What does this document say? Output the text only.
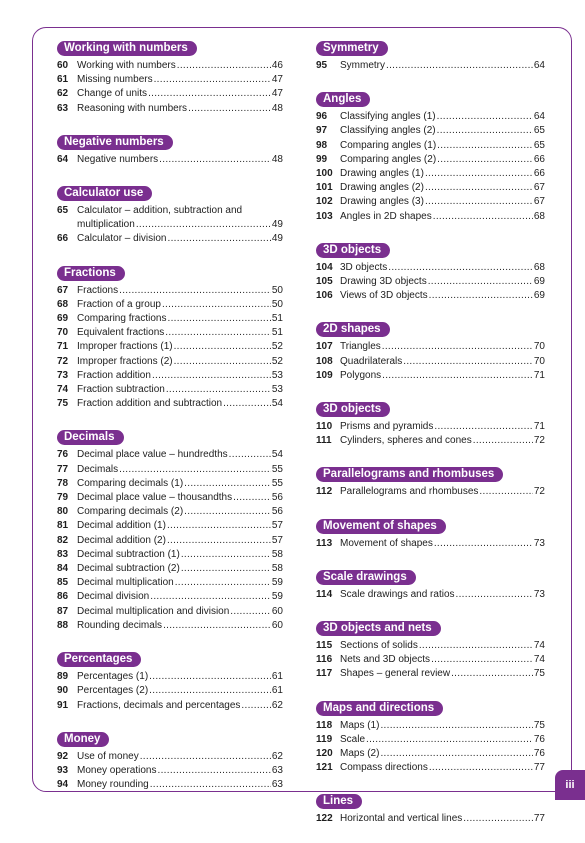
Working with numbers
60 Working with numbers .....	46
61 Missing numbers .....	47
62 Change of units .....	47
63 Reasoning with numbers .....	48
Negative numbers
64 Negative numbers .....	48
Calculator use
65 Calculator – addition, subtraction and
multiplication .....	49
66 Calculator – division .....	49
Fractions
67 Fractions .....	50
68 Fraction of a group .....	50
69 Comparing fractions .....	51
70 Equivalent fractions .....	51
71 Improper fractions (1) .....	52
72 Improper fractions (2) .....	52
73 Fraction addition .....	53
74 Fraction subtraction .....	53
75 Fraction addition and subtraction .....	54
Decimals
76 Decimal place value – hundredths .....	54
77 Decimals .....	55
78 Comparing decimals (1) .....	55
79 Decimal place value – thousandths .....	56
80 Comparing decimals (2) .....	56
81 Decimal addition (1) .....	57
82 Decimal addition (2) .....	57
83 Decimal subtraction (1) .....	58
84 Decimal subtraction (2) .....	58
85 Decimal multiplication .....	59
86 Decimal division .....	59
87 Decimal multiplication and division .....	60
88 Rounding decimals .....	60
Percentages
89 Percentages (1) .....	61
90 Percentages (2) .....	61
91 Fractions, decimals and percentages .....	62
Money
92 Use of money .....	62
93 Money operations .....	63
94 Money rounding .....	63
Symmetry
95	Symmetry .....	64
Angles
96	Classifying angles (1) .....	64
97	Classifying angles (2) .....	65
98	Comparing angles (1) .....	65
99	Comparing angles (2) .....	66
100 Drawing angles (1) .....	66
101 Drawing angles (2) .....	67
102 Drawing angles (3) .....	67
103 Angles in 2D shapes .....	68
3D objects
104 3D objects .....	68
105 Drawing 3D objects .....	69
106 Views of 3D objects .....	69
2D shapes
107 Triangles .....	70
108 Quadrilaterals .....	70
109 Polygons .....	71
3D objects
110 Prisms and pyramids .....	71
111 Cylinders, spheres and cones .....	72
Parallelograms and rhombuses
112 Parallelograms and rhombuses .....	72
Movement of shapes
113 Movement of shapes .....	73
Scale drawings
114 Scale drawings and ratios .....	73
3D objects and nets
115 Sections of solids .....	74
116 Nets and 3D objects .....	74
117 Shapes – general review .....	75
Maps and directions
118 Maps (1) .....	75
119 Scale .....	76
120 Maps (2) .....	76
121 Compass directions .....	77
Lines
122 Horizontal and vertical lines .....	77
iii
